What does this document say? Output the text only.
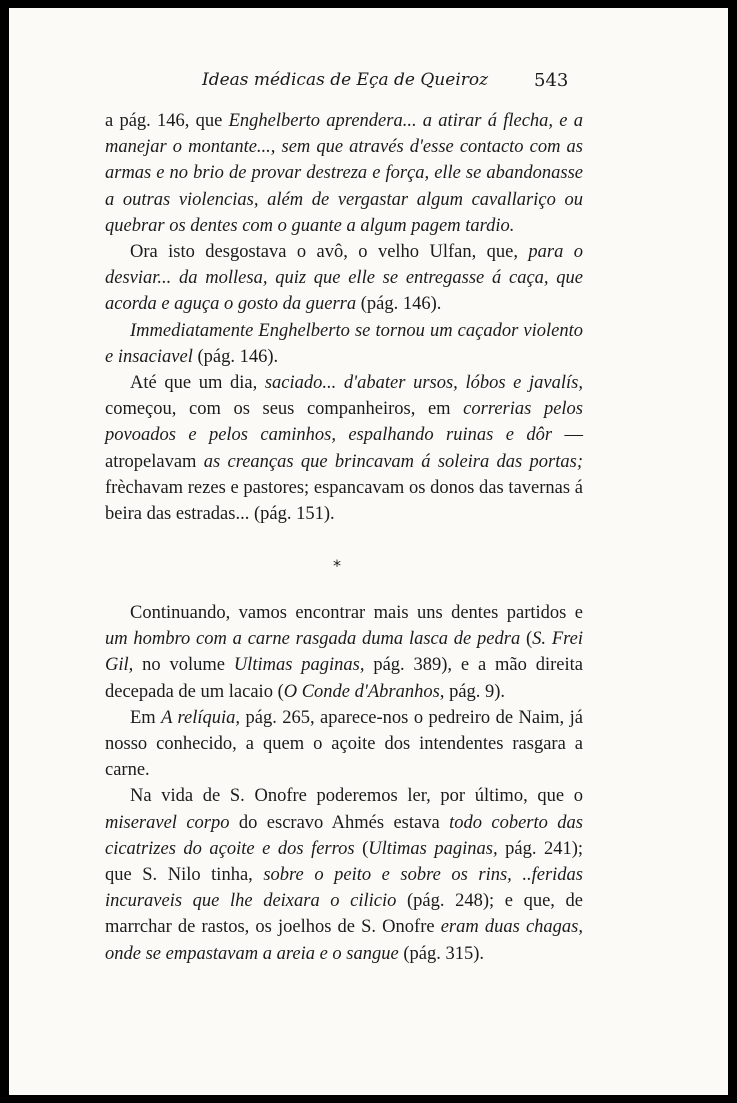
Ideas médicas de Eça de Queiroz	543

a pág. 146, que Enghelberto aprendera... a atirar á flecha, e a manejar o montante..., sem que através d'esse contacto com as armas e no brio de provar destreza e força, elle se abandonasse a outras violencias, além de vergastar algum cavallariço ou quebrar os dentes com o guante a algum pagem tardio.

Ora isto desgostava o avô, o velho Ulfan, que, para o desviar... da mollesa, quiz que elle se entregasse á caça, que acorda e aguça o gosto da guerra (pág. 146).

Immediatamente Enghelberto se tornou um caçador violento e insaciavel (pág. 146).

Até que um dia, saciado... d'abater ursos, lóbos e javalís, começou, com os seus companheiros, em correrias pelos povoados e pelos caminhos, espalhando ruinas e dôr — atropelavam as creanças que brincavam á soleira das portas; frèchavam rezes e pastores; espancavam os donos das tavernas á beira das estradas... (pág. 151).

*

Continuando, vamos encontrar mais uns dentes partidos e um hombro com a carne rasgada duma lasca de pedra (S. Frei Gil, no volume Ultimas paginas, pág. 389), e a mão direita decepada de um lacaio (O Conde d'Abranhos, pág. 9).

Em A relíquia, pág. 265, aparece-nos o pedreiro de Naim, já nosso conhecido, a quem o açoite dos intendentes rasgara a carne.

Na vida de S. Onofre poderemos ler, por último, que o miseravel corpo do escravo Ahmés estava todo coberto das cicatrizes do açoite e dos ferros (Ultimas paginas, pág. 241); que S. Nilo tinha, sobre o peito e sobre os rins, ..feridas incuraveis que lhe deixara o cilicio (pág. 248); e que, de marrchar de rastos, os joelhos de S. Onofre eram duas chagas, onde se empastavam a areia e o sangue (pág. 315).
